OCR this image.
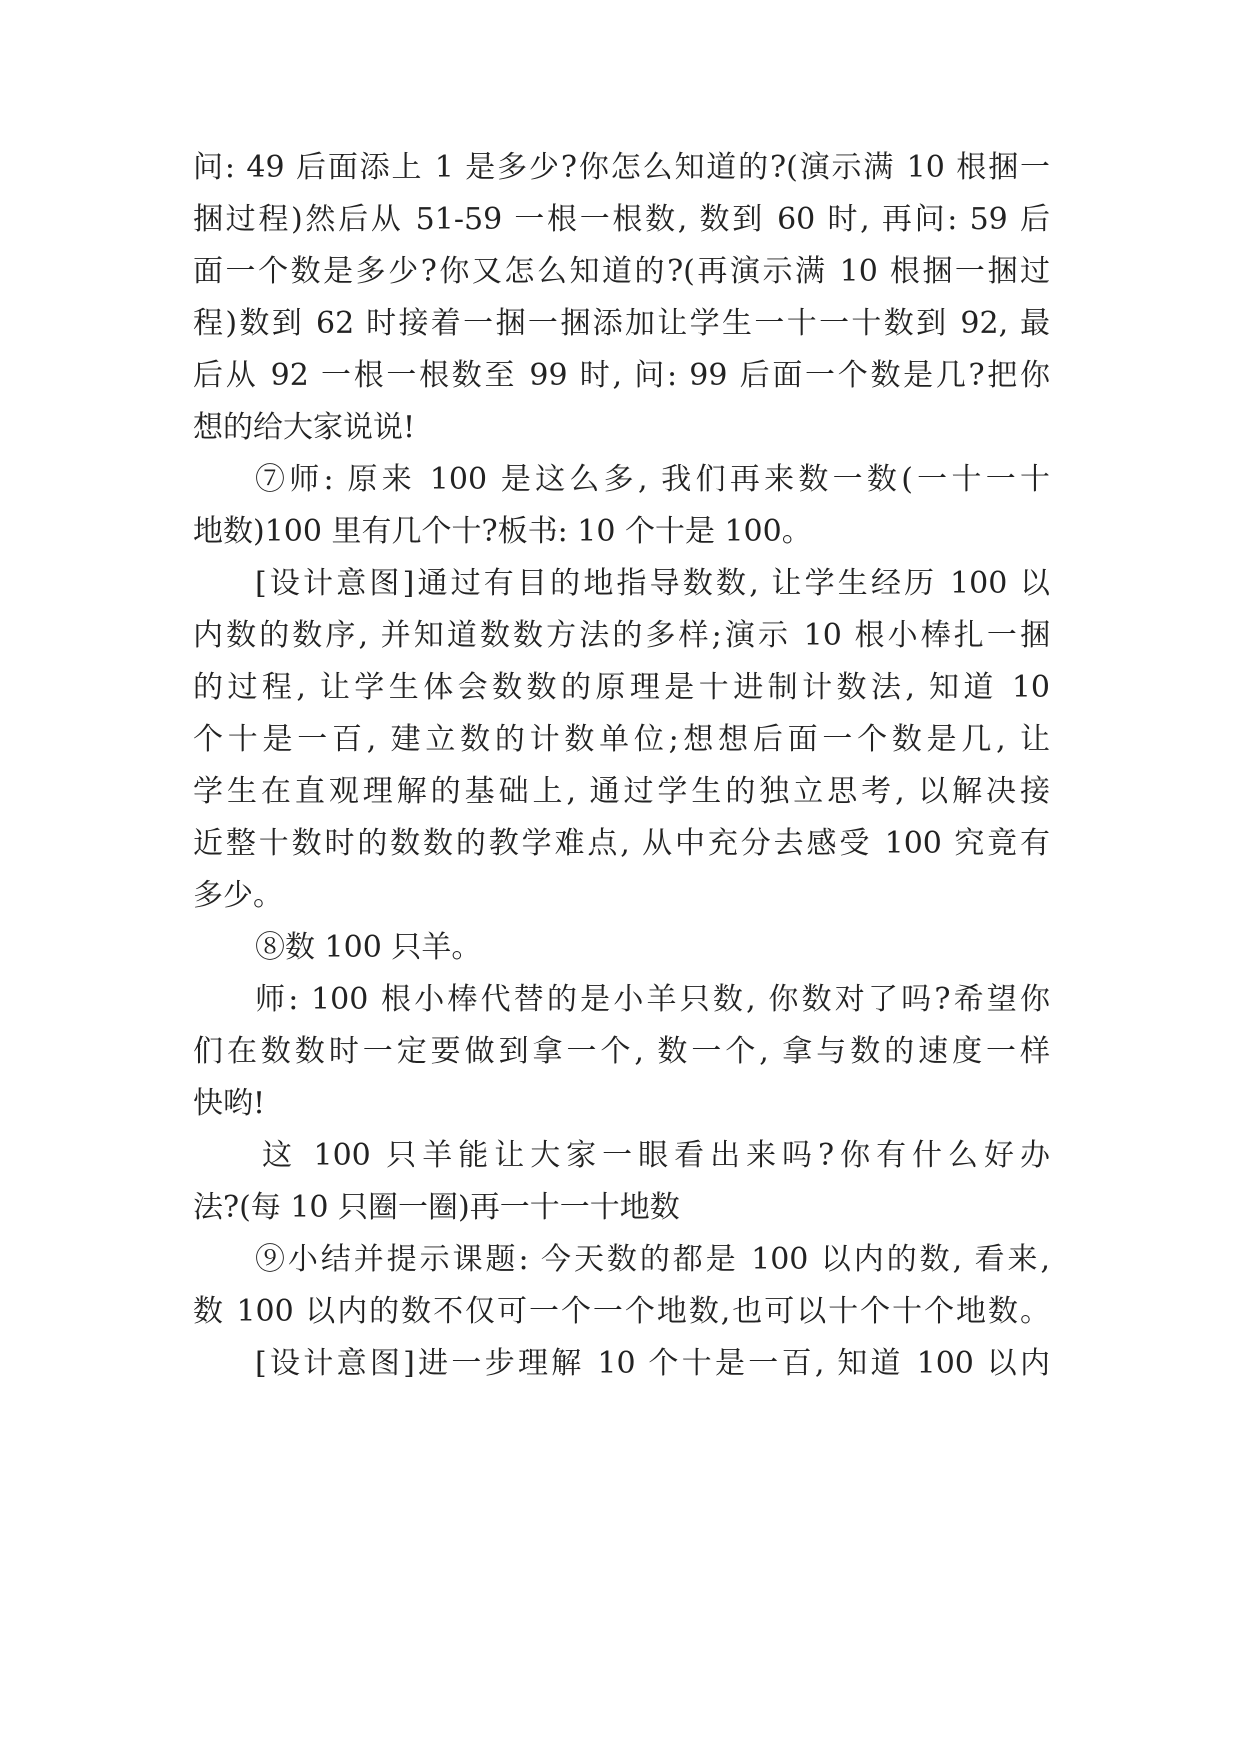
问: 49 后面添上 1 是多少?你怎么知道的?(演示满 10 根捆一
捆过程)然后从 51-59 一根一根数, 数到 60 时, 再问: 59 后
面一个数是多少?你又怎么知道的?(再演示满 10 根捆一捆过
程)数到 62 时接着一捆一捆添加让学生一十一十数到 92, 最
后从 92 一根一根数至 99 时, 问: 99 后面一个数是几?把你
想的给大家说说!
⑦师: 原来 100 是这么多, 我们再来数一数(一十一十
地数)100 里有几个十?板书: 10 个十是 100。
[设计意图]通过有目的地指导数数, 让学生经历 100 以
内数的数序, 并知道数数方法的多样;演示 10 根小棒扎一捆
的过程, 让学生体会数数的原理是十进制计数法, 知道 10
个十是一百, 建立数的计数单位;想想后面一个数是几, 让
学生在直观理解的基础上, 通过学生的独立思考, 以解决接
近整十数时的数数的教学难点, 从中充分去感受 100 究竟有
多少。
⑧数 100 只羊。
师: 100 根小棒代替的是小羊只数, 你数对了吗?希望你
们在数数时一定要做到拿一个, 数一个, 拿与数的速度一样
快哟!
这 100 只羊能让大家一眼看出来吗?你有什么好办
法?(每 10 只圈一圈)再一十一十地数
⑨小结并提示课题: 今天数的都是 100 以内的数, 看来,
数 100 以内的数不仅可一个一个地数,也可以十个十个地数。
[设计意图]进一步理解 10 个十是一百, 知道 100 以内
